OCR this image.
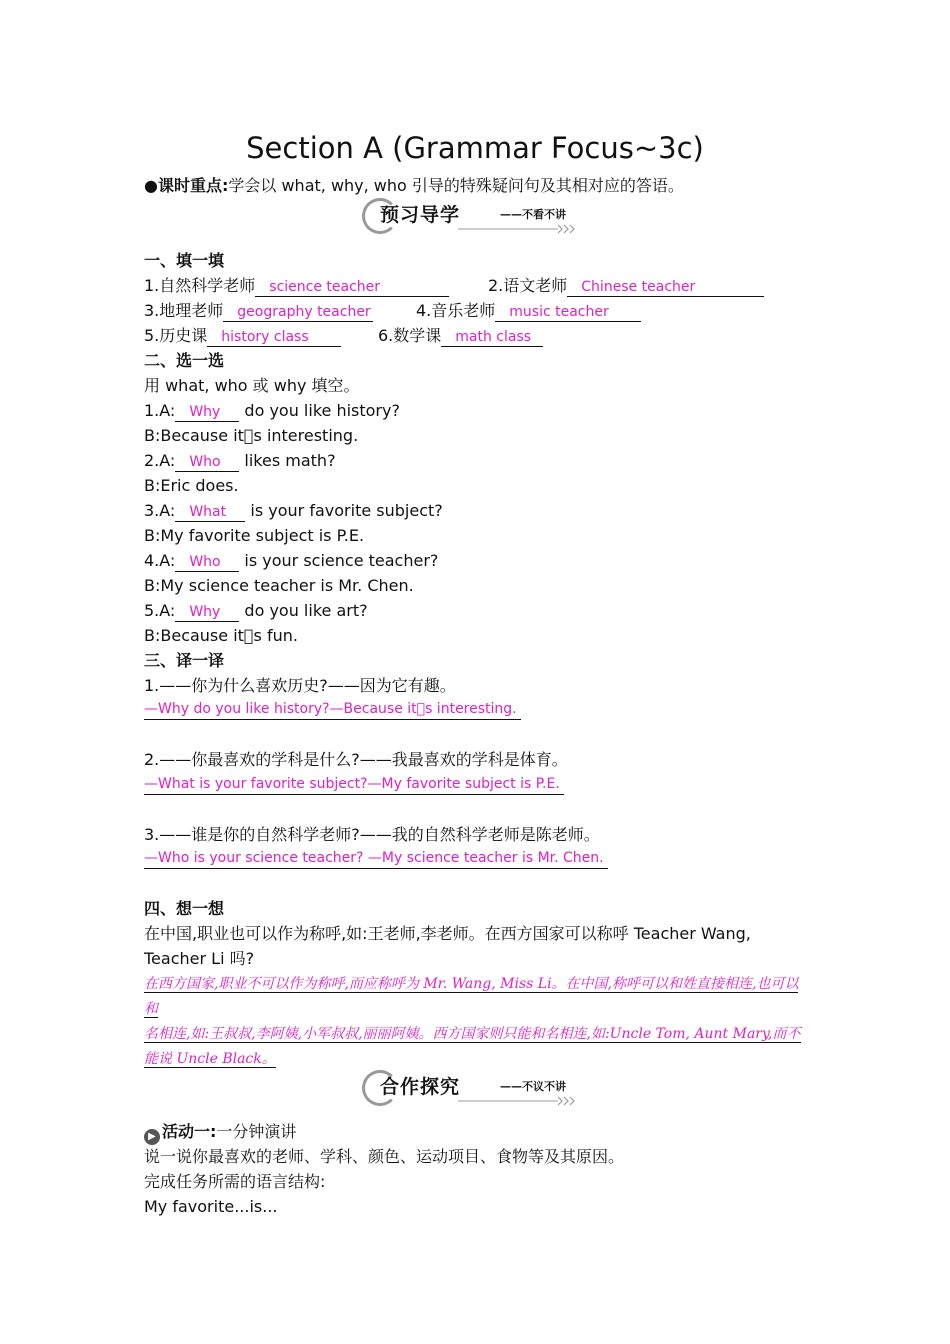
Section A (Grammar Focus~3c)
●课时重点:学会以 what, why, who 引导的特殊疑问句及其相对应的答语。
预习导学	——不看不讲
一、填一填
1.自然科学老师 science teacher	2.语文老师 Chinese teacher
3.地理老师 geography teacher	4.音乐老师 music teacher
5.历史课 history class	6.数学课 math class
二、选一选
用 what, who 或 why 填空。
1.A: Why do you like history?
B:Because it s interesting.
2.A: Who likes math?
B:Eric does.
3.A: What is your favorite subject?
B:My favorite subject is P.E.
4.A: Who is your science teacher?
B:My science teacher is Mr. Chen.
5.A: Why do you like art?
B:Because it s fun.
三、译一译
1.——你为什么喜欢历史?——因为它有趣。
—Why do you like history?—Because it s interesting.
2.——你最喜欢的学科是什么?——我最喜欢的学科是体育。
—What is your favorite subject?—My favorite subject is P.E.
3.——谁是你的自然科学老师?——我的自然科学老师是陈老师。
—Who is your science teacher? —My science teacher is Mr. Chen.
四、想一想
在中国,职业也可以作为称呼,如:王老师,李老师。在西方国家可以称呼 Teacher Wang,
Teacher Li 吗?
在西方国家,职业不可以作为称呼,而应称呼为 Mr. Wang, Miss Li。在中国,称呼可以和姓直接相连,也可以和
名相连,如:王叔叔,李阿姨,小军叔叔,丽丽阿姨。西方国家则只能和名相连,如:Uncle Tom, Aunt Mary,而不
能说 Uncle Black。
合作探究	——不议不讲
▶ 活动一:一分钟演讲
说一说你最喜欢的老师、学科、颜色、运动项目、食物等及其原因。
完成任务所需的语言结构:
My favorite...is...
